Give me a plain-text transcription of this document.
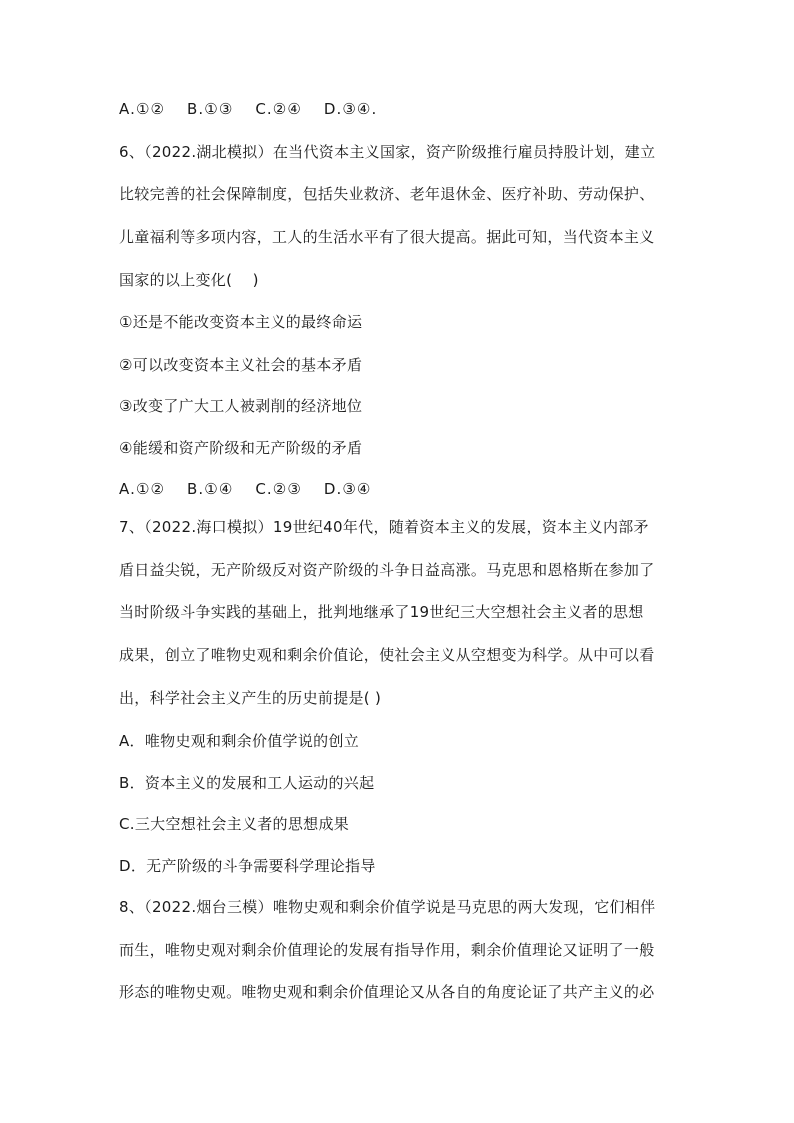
A.①②　 B.①③　 C.②④　 D.③④.
6、（2022.湖北模拟）在当代资本主义国家，资产阶级推行雇员持股计划，建立
比较完善的社会保障制度，包括失业救济、老年退休金、医疗补助、劳动保护、
儿童福利等多项内容，工人的生活水平有了很大提高。据此可知，当代资本主义
国家的以上变化(　 )
①还是不能改变资本主义的最终命运
②可以改变资本主义社会的基本矛盾
③改变了广大工人被剥削的经济地位
④能缓和资产阶级和无产阶级的矛盾
A.①②　 B.①④　 C.②③　 D.③④
7、（2022.海口模拟）19世纪40年代，随着资本主义的发展，资本主义内部矛
盾日益尖锐，无产阶级反对资产阶级的斗争日益高涨。马克思和恩格斯在参加了
当时阶级斗争实践的基础上，批判地继承了19世纪三大空想社会主义者的思想
成果，创立了唯物史观和剩余价值论，使社会主义从空想变为科学。从中可以看
出，科学社会主义产生的历史前提是( )
A．唯物史观和剩余价值学说的创立
B．资本主义的发展和工人运动的兴起
C.三大空想社会主义者的思想成果
D．无产阶级的斗争需要科学理论指导
8、（2022.烟台三模）唯物史观和剩余价值学说是马克思的两大发现，它们相伴
而生，唯物史观对剩余价值理论的发展有指导作用，剩余价值理论又证明了一般
形态的唯物史观。唯物史观和剩余价值理论又从各自的角度论证了共产主义的必
